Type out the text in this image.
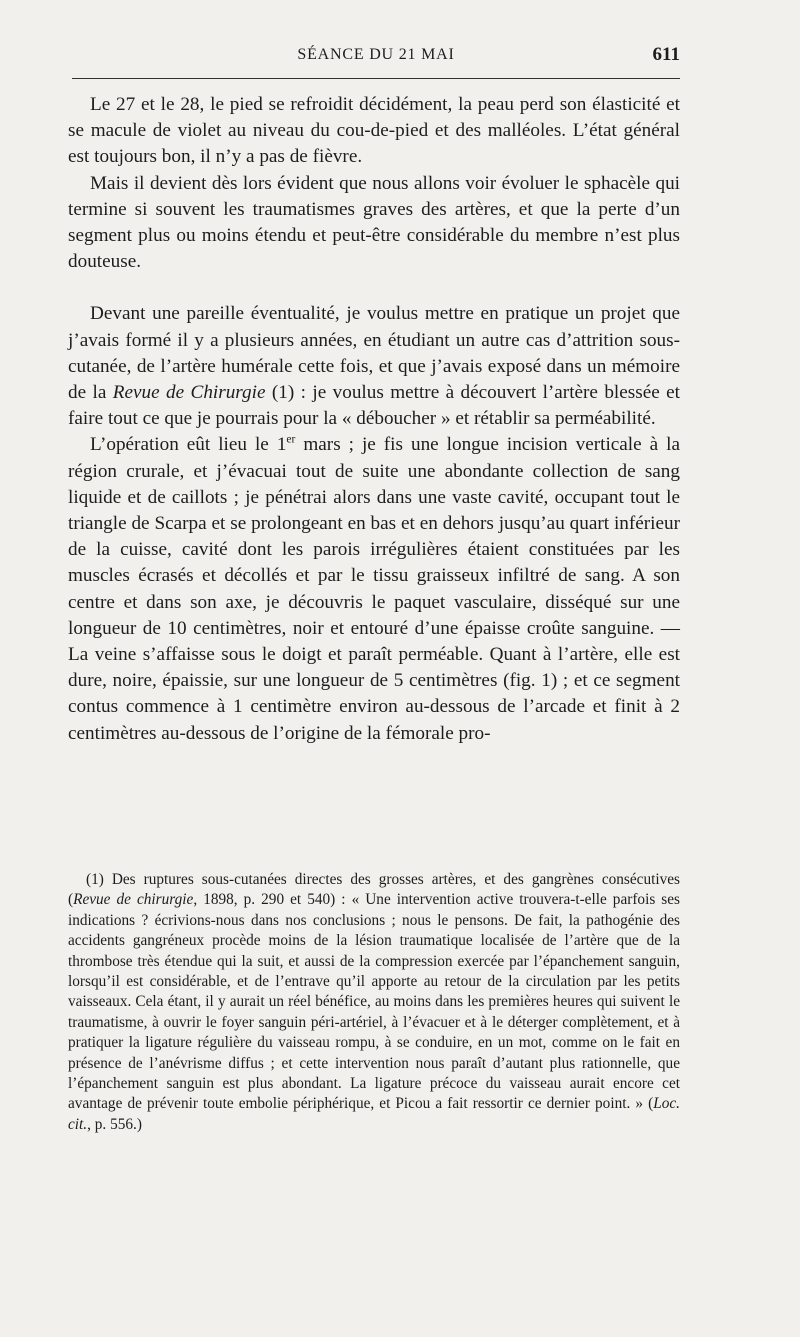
SÉANCE DU 21 MAI	611

Le 27 et le 28, le pied se refroidit décidément, la peau perd son élasticité et se macule de violet au niveau du cou-de-pied et des malléoles. L’état général est toujours bon, il n’y a pas de fièvre.

Mais il devient dès lors évident que nous allons voir évoluer le sphacèle qui termine si souvent les traumatismes graves des artères, et que la perte d’un segment plus ou moins étendu et peut-être considérable du membre n’est plus douteuse.

Devant une pareille éventualité, je voulus mettre en pratique un projet que j’avais formé il y a plusieurs années, en étudiant un autre cas d’attrition sous-cutanée, de l’artère humérale cette fois, et que j’avais exposé dans un mémoire de la Revue de Chirurgie (1) : je voulus mettre à découvert l’artère blessée et faire tout ce que je pourrais pour la « déboucher » et rétablir sa perméabilité.

L’opération eût lieu le 1er mars ; je fis une longue incision verticale à la région crurale, et j’évacuai tout de suite une abondante collection de sang liquide et de caillots ; je pénétrai alors dans une vaste cavité, occupant tout le triangle de Scarpa et se prolongeant en bas et en dehors jusqu’au quart inférieur de la cuisse, cavité dont les parois irrégulières étaient constituées par les muscles écrasés et décollés et par le tissu graisseux infiltré de sang. A son centre et dans son axe, je découvris le paquet vasculaire, disséqué sur une longueur de 10 centimètres, noir et entouré d’une épaisse croûte sanguine. — La veine s’affaisse sous le doigt et paraît perméable. Quant à l’artère, elle est dure, noire, épaissie, sur une longueur de 5 centimètres (fig. 1) ; et ce segment contus commence à 1 centimètre environ au-dessous de l’arcade et finit à 2 centimètres au-dessous de l’origine de la fémorale pro-

(1) Des ruptures sous-cutanées directes des grosses artères, et des gangrènes consécutives (Revue de chirurgie, 1898, p. 290 et 540) : « Une intervention active trouvera-t-elle parfois ses indications ? écrivions-nous dans nos conclusions ; nous le pensons. De fait, la pathogénie des accidents gangréneux procède moins de la lésion traumatique localisée de l’artère que de la thrombose très étendue qui la suit, et aussi de la compression exercée par l’épanchement sanguin, lorsqu’il est considérable, et de l’entrave qu’il apporte au retour de la circulation par les petits vaisseaux. Cela étant, il y aurait un réel bénéfice, au moins dans les premières heures qui suivent le traumatisme, à ouvrir le foyer sanguin péri-artériel, à l’évacuer et à le déterger complètement, et à pratiquer la ligature régulière du vaisseau rompu, à se conduire, en un mot, comme on le fait en présence de l’anévrisme diffus ; et cette intervention nous paraît d’autant plus rationnelle, que l’épanchement sanguin est plus abondant. La ligature précoce du vaisseau aurait encore cet avantage de prévenir toute embolie périphérique, et Picou a fait ressortir ce dernier point. » (Loc. cit., p. 556.)
